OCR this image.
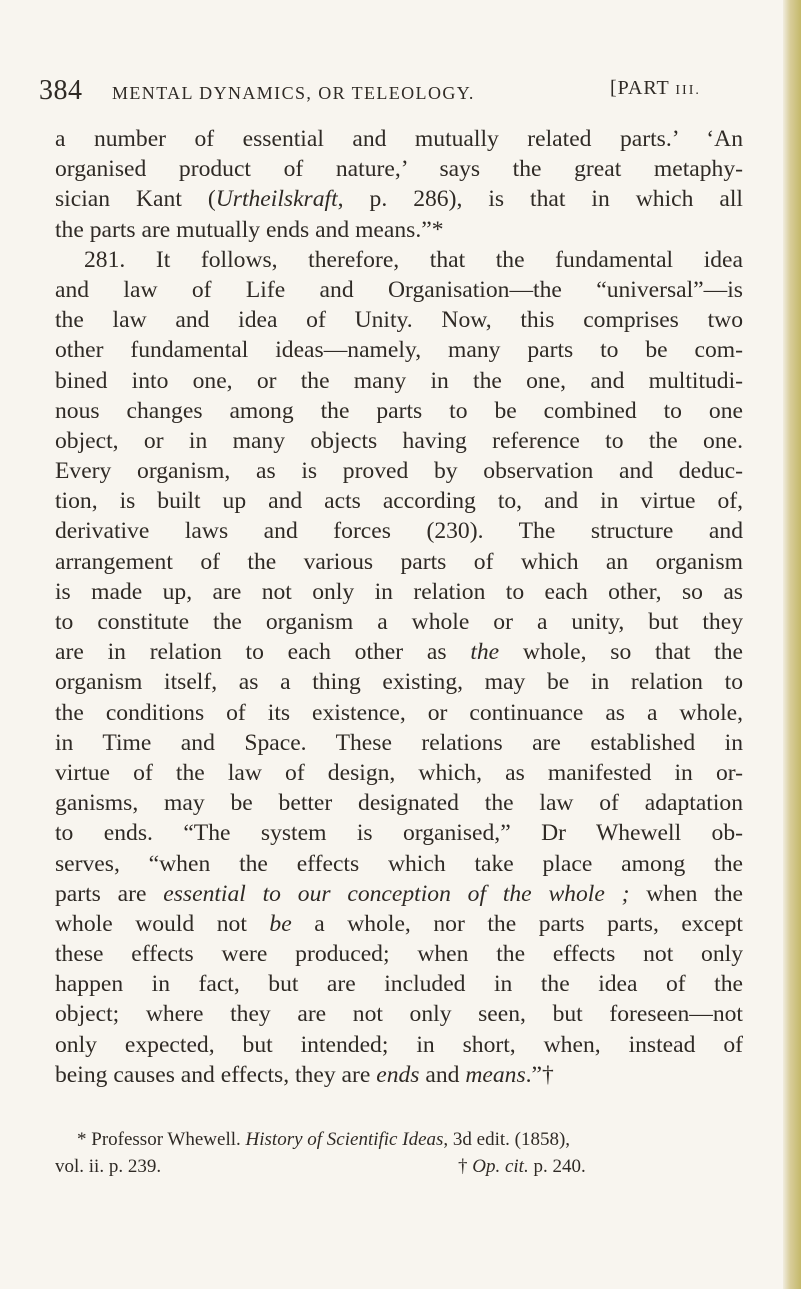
384 MENTAL DYNAMICS, OR TELEOLOGY.	[PART III.
a number of essential and mutually related parts.’ ‘An
organised product of nature,’ says the great metaphy-
sician Kant (Urtheilskraft, p. 286), is that in which all
the parts are mutually ends and means.”*
281. It follows, therefore, that the fundamental idea
and law of Life and Organisation—the “universal”—is
the law and idea of Unity. Now, this comprises two
other fundamental ideas—namely, many parts to be com-
bined into one, or the many in the one, and multitudi-
nous changes among the parts to be combined to one
object, or in many objects having reference to the one.
Every organism, as is proved by observation and deduc-
tion, is built up and acts according to, and in virtue of,
derivative laws and forces (230). The structure and
arrangement of the various parts of which an organism
is made up, are not only in relation to each other, so as
to constitute the organism a whole or a unity, but they
are in relation to each other as the whole, so that the
organism itself, as a thing existing, may be in relation to
the conditions of its existence, or continuance as a whole,
in Time and Space. These relations are established in
virtue of the law of design, which, as manifested in or-
ganisms, may be better designated the law of adaptation
to ends. “The system is organised,” Dr Whewell ob-
serves, “when the effects which take place among the
parts are essential to our conception of the whole ; when the
whole would not be a whole, nor the parts parts, except
these effects were produced; when the effects not only
happen in fact, but are included in the idea of the
object; where they are not only seen, but foreseen—not
only expected, but intended; in short, when, instead of
being causes and effects, they are ends and means.”†
* Professor Whewell. History of Scientific Ideas, 3d edit. (1858),
vol. ii. p. 239.	† Op. cit. p. 240.
